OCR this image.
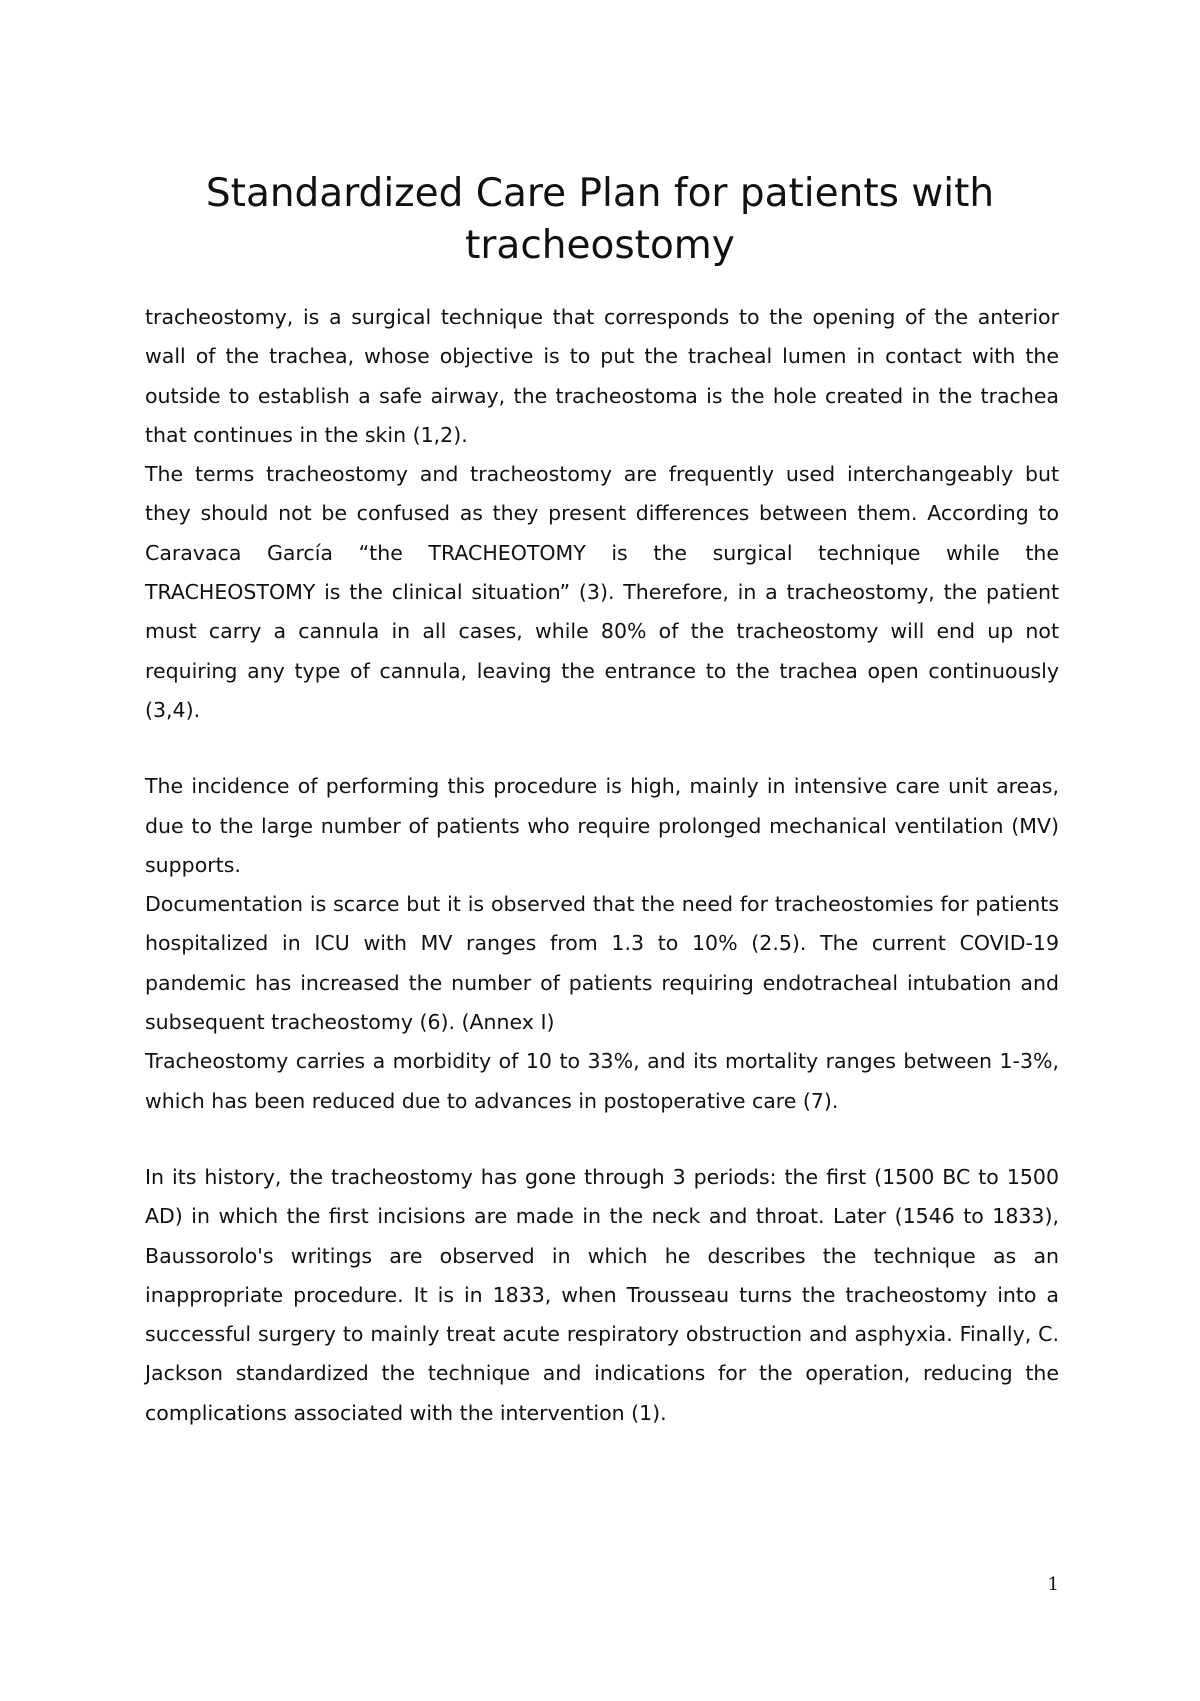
Standardized Care Plan for patients with tracheostomy

tracheostomy, is a surgical technique that corresponds to the opening of the anterior wall of the trachea, whose objective is to put the tracheal lumen in contact with the outside to establish a safe airway, the tracheostoma is the hole created in the trachea that continues in the skin (1,2).

The terms tracheostomy and tracheostomy are frequently used interchangeably but they should not be confused as they present differences between them. According to Caravaca García “the TRACHEOTOMY is the surgical technique while the TRACHEOSTOMY is the clinical situation” (3). Therefore, in a tracheostomy, the patient must carry a cannula in all cases, while 80% of the tracheostomy will end up not requiring any type of cannula, leaving the entrance to the trachea open continuously (3,4).

The incidence of performing this procedure is high, mainly in intensive care unit areas, due to the large number of patients who require prolonged mechanical ventilation (MV) supports.

Documentation is scarce but it is observed that the need for tracheostomies for patients hospitalized in ICU with MV ranges from 1.3 to 10% (2.5). The current COVID-19 pandemic has increased the number of patients requiring endotracheal intubation and subsequent tracheostomy (6). (Annex I)

Tracheostomy carries a morbidity of 10 to 33%, and its mortality ranges between 1-3%, which has been reduced due to advances in postoperative care (7).

In its history, the tracheostomy has gone through 3 periods: the first (1500 BC to 1500 AD) in which the first incisions are made in the neck and throat. Later (1546 to 1833), Baussorolo's writings are observed in which he describes the technique as an inappropriate procedure. It is in 1833, when Trousseau turns the tracheostomy into a successful surgery to mainly treat acute respiratory obstruction and asphyxia. Finally, C. Jackson standardized the technique and indications for the operation, reducing the complications associated with the intervention (1).

1
